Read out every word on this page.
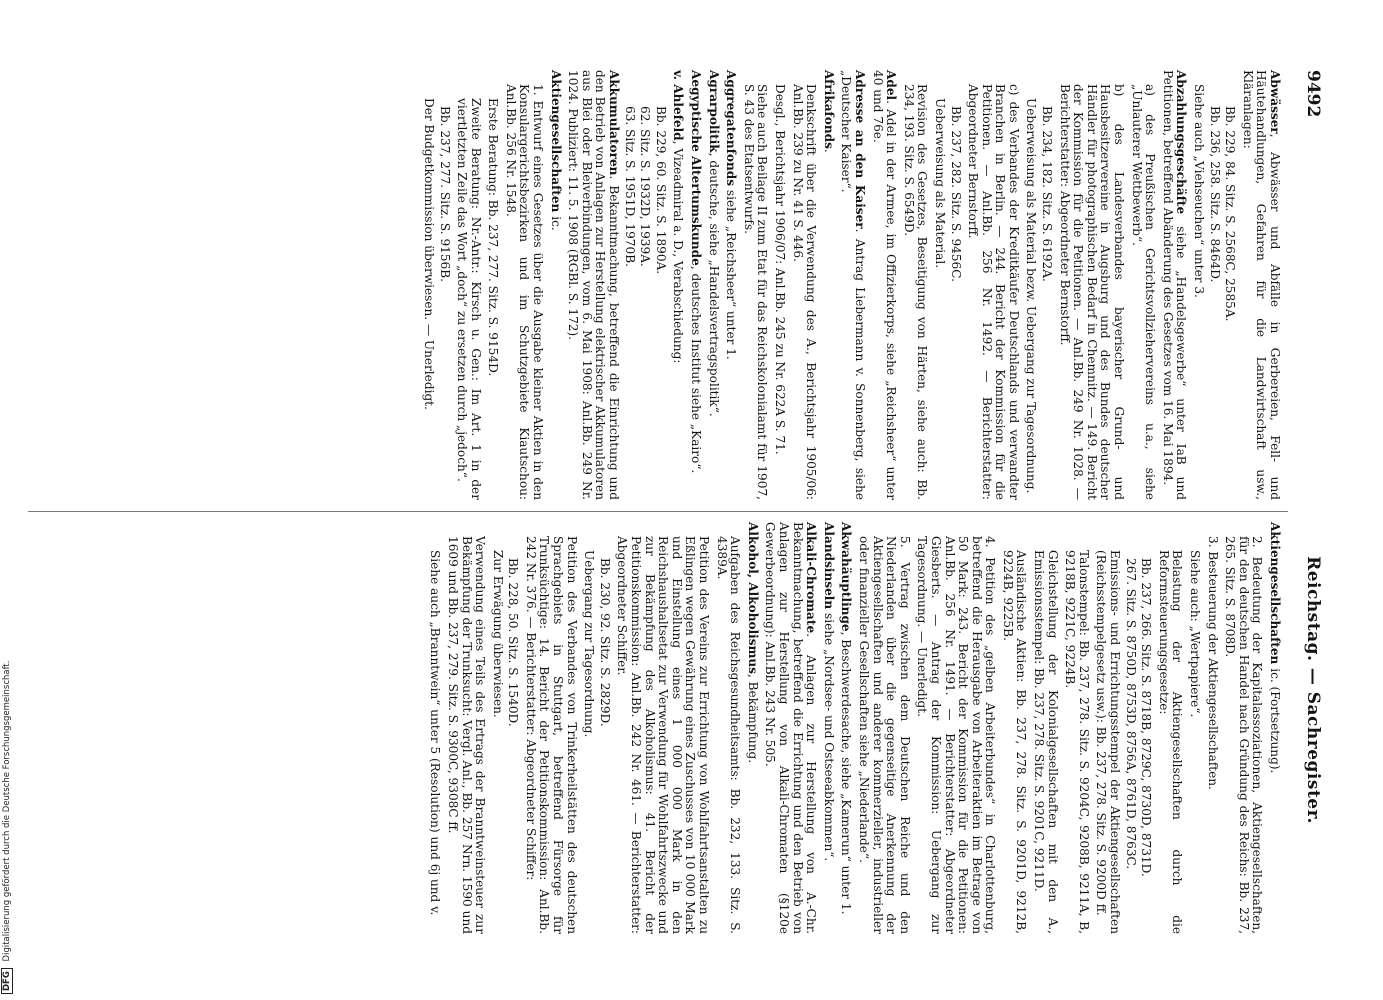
9492
Reichstag. — Sachregister.

Abwässer, Abwässer und Abfälle in Gerbereien, Fell- und Häutehandlungen, Gefahren für die Landwirtschaft usw., Kläranlagen:

Bb. 229, 84. Sitz. S. 2568C, 2585A.

Bb. 236, 258. Sitz. S. 8464D.

Siehe auch „Viehseuchen“ unter 3.

Abzahlungsgeschäfte siehe „Handelsgewerbe“ unter IaB und Petitionen, betreffend Abänderung des Gesetzes vom 16. Mai 1894.

a) des Preußischen Gerichtsvollziehervereins u.a., siehe „Unlauterer Wettbewerb“.

b) des Landesverbandes bayerischer Grund- und Hausbesitzervereine in Augsburg und des Bundes deutscher Händler für photographischen Bedarf in Chemnitz. — 149. Bericht der Kommission für die Petitionen. — Anl.Bb. 249 Nr. 1028. — Berichterstatter: Abgeordneter Bernstorff.

Bb. 234, 182. Sitz. S. 6192A.

Ueberweisung als Material bezw. Uebergang zur Tagesordnung.

c) des Verbandes der Kreditkäufer Deutschlands und verwandter Branchen in Berlin. — 244. Bericht der Kommission für die Petitionen. — Anl.Bb. 256 Nr. 1492. — Berichterstatter: Abgeordneter Bernstorff.

Bb. 237, 282. Sitz. S. 9456C.

Ueberweisung als Material.

Revision des Gesetzes, Beseitigung von Härten, siehe auch: Bb. 234, 193. Sitz. S. 6549D.

Adel. Adel in der Armee, im Offizierkorps, siehe „Reichsheer“ unter 40 und 76e.

Adresse an den Kaiser. Antrag Liebermann v. Sonnenberg, siehe „Deutscher Kaiser“.

Afrikafonds.

Denkschrift über die Verwendung des A., Berichtsjahr 1905/06: Anl.Bb. 239 zu Nr. 41 S. 446.

Desgl., Berichtsjahr 1906/07: Anl.Bb. 245 zu Nr. 622A S. 71.

Siehe auch Beilage II zum Etat für das Reichskolonialamt für 1907, S. 43 des Etatsentwurfs.

Aggregatenfonds siehe „Reichsheer“ unter 1.

Agrarpolitik, deutsche, siehe „Handelsvertragspolitik“.

Aegyptische Altertumskunde, deutsches Institut siehe „Kairo“.

v. Ahlefeld, Vizeadmiral a. D., Verabschiedung:

Bb. 229, 60. Sitz. S. 1890A.

62. Sitz. S. 1932D, 1939A.

63. Sitz. S. 1951D, 1970B.

Akkumulatoren. Bekanntmachung, betreffend die Einrichtung und den Betrieb von Anlagen zur Herstellung elektrischer Akkumulatoren aus Blei oder Bleiverbindungen, vom 6. Mai 1908: Anl.Bb. 249 Nr. 1024. Publiziert: 11. 5. 1908 (RGBl. S. 172).

Aktiengesellschaften ic.

1. Entwurf eines Gesetzes über die Ausgabe kleiner Aktien in den Konsulargerichtsbezirken und im Schutzgebiete Kiautschou: Anl.Bb. 256 Nr. 1548.

Erste Beratung: Bb. 237, 277. Sitz. S. 9154D.

Zweite Beratung: Nr.-Antr.: Kirsch u. Gen.: Im Art. 1 in der viertletzten Zeile das Wort „doch“ zu ersetzen durch „jedoch“.

Bb. 237, 277. Sitz. S. 9156B.

Der Budgetkommission überwiesen. — Unerledigt.

Aktiengesellschaften ic. (Fortsetzung).

2. Bedeutung der Kapitalassoziationen, Aktiengesellschaften, für den deutschen Handel nach Gründung des Reichs: Bb. 237, 265. Sitz. S. 8708D.

3. Besteuerung der Aktiengesellschaften.

Siehe auch: „Wertpapiere“.

Belastung der Aktiengesellschaften durch die Reformsteuerungsgesetze:

Bb. 237, 266. Sitz. S. 8718B, 8729C, 8730D, 8731D.

267. Sitz. S. 8750D, 8753D, 8756A, 8761D, 8763C.

Emissions- und Errichtungsstempel der Aktiengesellschaften (Reichsstempelgesetz usw.): Bb. 237, 278. Sitz. S. 9200D ff.

Talonstempel: Bb. 237, 278. Sitz. S. 9204C, 9208B, 9211A, B, 9218B, 9221C, 9224B.

Gleichstellung der Kolonialgesellschaften mit den A., Emissionsstempel: Bb. 237, 278. Sitz. S. 9201C, 9211D.

Ausländische Aktien: Bb. 237, 278. Sitz. S. 9201D, 9212B, 9224B, 9225B.

4. Petition des „gelben Arbeiterbundes“ in Charlottenburg, betreffend die Herausgabe von Arbeiteraktien im Betrage von 50 Mark: 243. Bericht der Kommission für die Petitionen: Anl.Bb. 256 Nr. 1491. — Berichterstatter: Abgeordneter Giesberts. — Antrag der Kommission: Uebergang zur Tagesordnung. — Unerledigt.

5. Vertrag zwischen dem Deutschen Reiche und den Niederlanden über die gegenseitige Anerkennung der Aktiengesellschaften und anderer kommerzieller, industrieller oder finanzieller Gesellschaften siehe „Niederlande“.

Akwahäuptlinge, Beschwerdesache, siehe „Kamerun“ unter 1.

Alandsinseln siehe „Nordsee- und Ostseeabkommen“.

Alkali-Chromate. Anlagen zur Herstellung von A.-Chr. Bekanntmachung, betreffend die Errichtung und den Betrieb von Anlagen zur Herstellung von Alkali-Chromaten (§120e Gewerbeordnung): Anl.Bb. 243 Nr. 505.

Alkohol, Alkoholismus, Bekämpfung.

Aufgaben des Reichsgesundheitsamts: Bb. 232, 133. Sitz. S. 4389A.

Petition des Vereins zur Errichtung von Wohlfahrtsanstalten zu Eßlingen wegen Gewährung eines Zuschusses von 10 000 Mark und Einstellung eines 1 000 000 Mark in den Reichshaushaltsetat zur Verwendung für Wohlfahrtszwecke und zur Bekämpfung des Alkoholismus: 41. Bericht der Petitionskommission: Anl.Bb. 242 Nr. 461. — Berichterstatter: Abgeordneter Schiffer.

Bb. 230, 92. Sitz. S. 2829D.

Uebergang zur Tagesordnung.

Petition des Verbandes von Trinkerheilstätten des deutschen Sprachgebiets in Stuttgart, betreffend Fürsorge für Trunksüchtige: 14. Bericht der Petitionskommission: Anl.Bb. 242 Nr. 376. — Berichterstatter: Abgeordneter Schiffer:

Bb. 228, 50. Sitz. S. 1540D.

Zur Erwägung überwiesen.

Verwendung eines Teils des Ertrags der Branntweinsteuer zur Bekämpfung der Trunksucht: Vergl. Anl., Bb. 257 Nrn. 1590 und 1609 und Bb. 237, 279. Sitz. S. 9300C, 9308C ff.

Siehe auch „Branntwein“ unter 5 (Resolution) und 6j und v.

DFG Digitalisierung gefördert durch die Deutsche Forschungsgemeinschaft.
